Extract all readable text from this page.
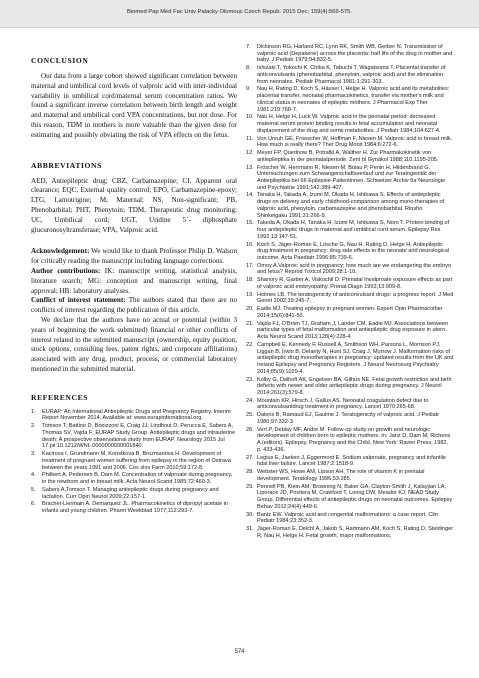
Biomed Pap Med Fac Univ Palacky Olomouc Czech Repub. 2015 Dec; 159(4):569-575.
CONCLUSION

Our data from a large cohort showed significant correlation between maternal and umbilical cord levels of valproic acid with inter-individual variability in umbilical cord/maternal serum concentration ratios. We found a significant inverse correlation between birth length and weight and maternal and umbilical cord VPA concentrations, but not dose. For this reason, TDM in mothers is more valuable than the given dose for estimating and possibly obviating the risk of VPA effects on the fetus.

ABBREVIATIONS

AED, Antiepileptic drug; CBZ, Carbamazepine; CI, Apparent oral clearance; EQC, External quality control; EPO, Carbamazepine-epoxy; LTG, Lamotrigine; M, Maternal; NS, Non-significant; PB, Phenobarbital; PHT, Phenytoin; TDM, Therapeutic drug monitoring; UC, Umbilical cord; UGT, Uridine 5´- diphosphate glucuronosyltransferase; VPA, Valproic acid.

Acknowledgement: We would like to thank Professor Philip D. Walson for critically reading the manuscript including language corrections.

Author contributions: IK: manuscript writing, statistical analysis, literature search; MG: conception and manuscript writing, final approval; HB: laboratory analyses.

Conflict of interest statement: The authors stated that there are no conflicts of interest regarding the publication of this article.

We declare that the authors have no actual or potential (within 3 years of beginning the work submitted) financial or other conflicts of interest related to the submitted manuscript (ownership, equity position, stock options, consulting fees, patent rights, and corporate affiliations) associated with any drug, product, process, or commercial laboratory mentioned in the submitted material.

REFERENCES
1.	EURAP: An International Antiepileptic Drugs and Pregnancy Registry. Interim Report November 2014. Available at: www.eurapinternational.org.
2.	Tomson T, Battino D, Bonizzoni E, Craig JJ, Lindhout D, Perucca E, Sabers A, Thomas SV, Vajda F; EURAP Study Group. Antiepileptic drugs and intrauterine death: A prospective observational study from EURAP. Neurology 2015 Jul 17.pii:10.1212/WNL.0000000000001840.
3.	Kacirova I, Grundmann M, Koristkova B, Brozmanova H. Development of treatment of pregnant women suffering from epilepsy in the region of Ostrava between the years 1991 and 2006. Ces slov Farm 2010;59:172-8.
4.	Philbert A, Pedersen B, Dam M. Concentration of valproate during pregnancy, in the newborn and in breast milk. Acta Neurol Scand 1985;72:460-3.
5.	Sabers A,Tomson T. Managing antiepileptic drugs during pregnancy and lactation. Curr Opin Neurol 2009;22:157-1.
6.	Brachet-Liermain A, Demarquez JL. Pharmacokinetics of dipropyl acetate in infants and young children. Pharm Weekblad 1977;112:293-7.
7.	Dickinson RG, Harland RC, Lynn RK, Smith WB, Gerber N. Transmission of valproic acid (Depakene) across the placenta: half life of the drug in mother and baby. J Pediatr 1979;94:832-5.
8.	Ishizaki T, Yokochi K, Chiba K, Tabuchi T, Wagatsuma T. Placental transfer of anticonvulsants (phenobarbital, phenytoin, valproic acid) and the elimination from neonates. Pediatr Pharmacol 1981;1:291-303.
9.	Nau H, Rating D, Koch S, Häuser I, Helge H. Valproic acid and its metabolites: placental transfer, neonatal pharmacokinetics, transfer via mother's milk and clinical status in neonates of epileptic mothers. J Pharmacol Exp Ther 1981;219:768-7.
10. Nau H, Helge H, Luck W. Valproic acid in the perinatal period: decreased maternal serum protein binding results in fetal accumulation and neonatal displacement of the drug and some metabolites. J Pediatr 1984;104:627-4.
11. Von Unruh GE, Froescher W, Hoffman F, Niesen M. Valproic acid in breast milk. How much is really there? Ther Drug Monit 1984;6:272-6.
12. Meyer FP, Quednow B, Potrafki A, Walther H. Zur Pharmakokinetik von antiepileptika in der perinatalperiode. Zent bl Gynäkol 1988;110:1195-205.
13. Fröscher W, Herrmann R, Niesen M, Bülau P, Penin H, Hildenbrand G. Untersuchungen zum Schwangerschaftsverlauf und zur Teratogenität der Antiepileptika bei 66 Epilepsie-Patientinnen. Schweizer Archiv für Neurologie und Psychiatrie 1991;142:389-407.
14. Tanaka H, Takada A, Izumi M, Okada H, Ishikawa S. Effects of antiepileptic drugs on delivery and early childhood-comparison among mono-therapies of valproic acid, phenytoin, carbamazepine and phenobarbital. Rinsho Shinkeigaku 1991;31:266-9.
15. Takeda A, Okada H, Tanaka H, Izumi M, Ishikawa S, Noro T. Protein binding of four antiepileptic drugs in maternal and umbilical cord serum. Epilepsy Res 1992;13:147-51.
16. Koch S, Jäger-Roman E, Lösche G, Nau H, Rating D, Helge H. Antiepileptic drug treatment in pregnancy: drug side effects in the neonate and neurological outcome. Acta Paediatr 1996;85:739-6.
17. Omoy A.Valproic acid in pregnancy: how much are we endangering the embryo and fetus? Reprod Toxicol 2009;28:1-10.
18. Shanory R, Garber A, Viskochil D. Prenatal Invalproate exposure effects as part of valproic acid embryopathy. Prenat Diagn 1993;13:909-8.
19. Holmes LB. The teratogenicity of anticonvulsant drugs: a progress report. J Med Genet 2002;39:245-7.
20. Eadie MJ. Treating epilepsy in pregnant women. Expert Opin Pharmacother 2014;15(6):841-50.
21. Vajda FJ, O'Brien TJ, Graham J, Lander CM, Eadie MJ. Associations between particular types of fetal malformation and antiepileptic drug exposure in utero. Acta Neurol Scand 2013;128(4):228-4.
22. Campbell E, Kennedy F, Russell A, Smithson WH, Parsons L, Morrison PJ, Liggan B, Irwin B, Delanty N, Hunt SJ, Craig J, Morrow J. Malformation risks of antiepileptic drug monotherapies in pregnancy: updated results from the UK and Ireland Epilepsy and Pregnancy Registers. J Neurol Neurosurg Psychiatry 2014;85(9):1029-4.
23. Kolby G, Dalhoft AK, Engelsen BA, Gilhus NE. Fetal growth restriction and birth defects with newer and older antiepileptic drugs during pregnancy. J Neurol 2014;261(3):579-8.
24. Mountain KR, Hirsch J, Gallus AS. Neonatal coagulation defect due to anticonvulsantdrug treatment in pregnancy. Lancet 1970:265-68.
25. Dalens B, Ramaud EJ, Gaulme J. Teratogenicity of valproic acid. J Pediatr 1980;97:332-3.
26. Vert P, Deblay MF, Andre M. Follow-up study on growth and neurologic development of children born to epileptic mothers. In: Janz D, Dam M, Richens A (editors). Epilepsy, Pregnancy and the Child. New York: Raven Press; 1982. p. 433-436.
27. Legius E, Jaeken J, Eggermont E. Sodium valproate, pregnancy and infantile fatal liver failure. Lancet 1987;2:1518-9.
28. Webster WS, Howe AM, Lipson AH. The role of vitamin K in prenatal development. Teratology 1996;53:285.
29. Pennell PB, Klein AM, Browning N, Baker GA, Clayton-Smith J, Kalayjian LA, Liporace JD, Privitera M, Crawford T, Loring DW, Meador KJ; NEAD Study Group. Differential effects of antiepileptic drugs on neonatal outcomes. Epilepsy Behav 2012;24(4):449-6.
30. Bantz EW. Valproic acid and congenital malformations: a case report. Clin Pediatr 1984;23:352-3.
31. Jäger-Roman E, Deichl A, Jakob S, Hartmann AM, Koch S, Rating D, Steldinger R, Nau H, Helge H. Fetal growth, major malformations,
574
